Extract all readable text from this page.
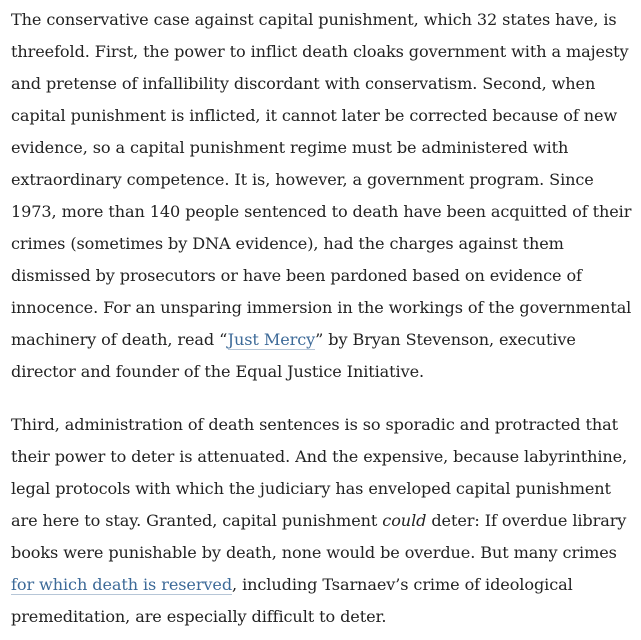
The conservative case against capital punishment, which 32 states have, is threefold. First, the power to inflict death cloaks government with a majesty and pretense of infallibility discordant with conservatism. Second, when capital punishment is inflicted, it cannot later be corrected because of new evidence, so a capital punishment regime must be administered with extraordinary competence. It is, however, a government program. Since 1973, more than 140 people sentenced to death have been acquitted of their crimes (sometimes by DNA evidence), had the charges against them dismissed by prosecutors or have been pardoned based on evidence of innocence. For an unsparing immersion in the workings of the governmental machinery of death, read “Just Mercy” by Bryan Stevenson, executive director and founder of the Equal Justice Initiative.

Third, administration of death sentences is so sporadic and protracted that their power to deter is attenuated. And the expensive, because labyrinthine, legal protocols with which the judiciary has enveloped capital punishment are here to stay. Granted, capital punishment could deter: If overdue library books were punishable by death, none would be overdue. But many crimes for which death is reserved, including Tsarnaev’s crime of ideological premeditation, are especially difficult to deter.
